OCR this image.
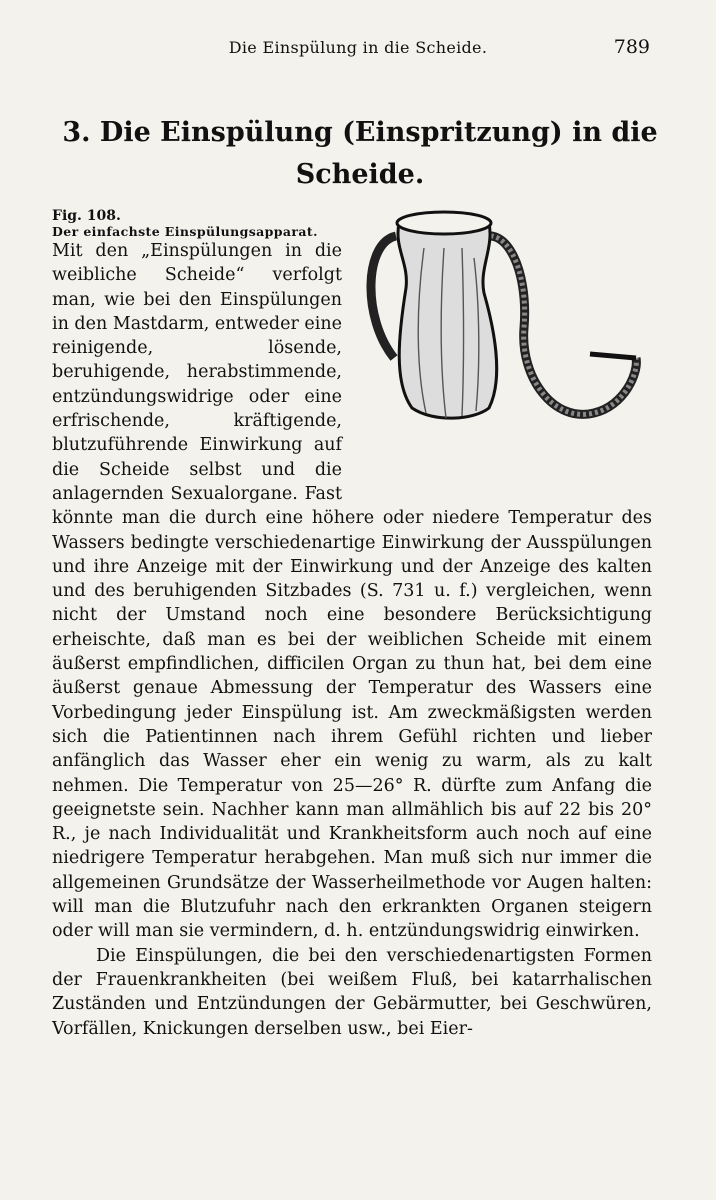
Die Einspülung in die Scheide.	789
3. Die Einspülung (Einspritzung) in die Scheide.

Fig. 108.
Der einfachste Einspülungsapparat.
Mit den „Einspülungen in die weibliche Scheide“ verfolgt man, wie bei den Einspülungen in den Mastdarm, entweder eine reinigende, lösende, beruhigende, herabstimmende, entzündungswidrige oder eine erfrischende, kräftigende, blutzuführende Einwirkung auf die Scheide selbst und die anlagernden Sexualorgane. Fast könnte man die durch eine höhere oder niedere Temperatur des Wassers bedingte verschiedenartige Einwirkung der Ausspülungen und ihre Anzeige mit der Einwirkung und der Anzeige des kalten und des beruhigenden Sitzbades (S. 731 u. f.) vergleichen, wenn nicht der Umstand noch eine besondere Berücksichtigung erheischte, daß man es bei der weiblichen Scheide mit einem äußerst empfindlichen, difficilen Organ zu thun hat, bei dem eine äußerst genaue Abmessung der Temperatur des Wassers eine Vorbedingung jeder Einspülung ist. Am zweckmäßigsten werden sich die Patientinnen nach ihrem Gefühl richten und lieber anfänglich das Wasser eher ein wenig zu warm, als zu kalt nehmen. Die Temperatur von 25—26° R. dürfte zum Anfang die geeignetste sein. Nachher kann man allmählich bis auf 22 bis 20° R., je nach Individualität und Krankheitsform auch noch auf eine niedrigere Temperatur herabgehen. Man muß sich nur immer die allgemeinen Grundsätze der Wasserheilmethode vor Augen halten: will man die Blutzufuhr nach den erkrankten Organen steigern oder will man sie vermindern, d. h. entzündungswidrig einwirken.

Die Einspülungen, die bei den verschiedenartigsten Formen der Frauenkrankheiten (bei weißem Fluß, bei katarrhalischen Zuständen und Entzündungen der Gebärmutter, bei Geschwüren, Vorfällen, Knickungen derselben usw., bei Eier-
